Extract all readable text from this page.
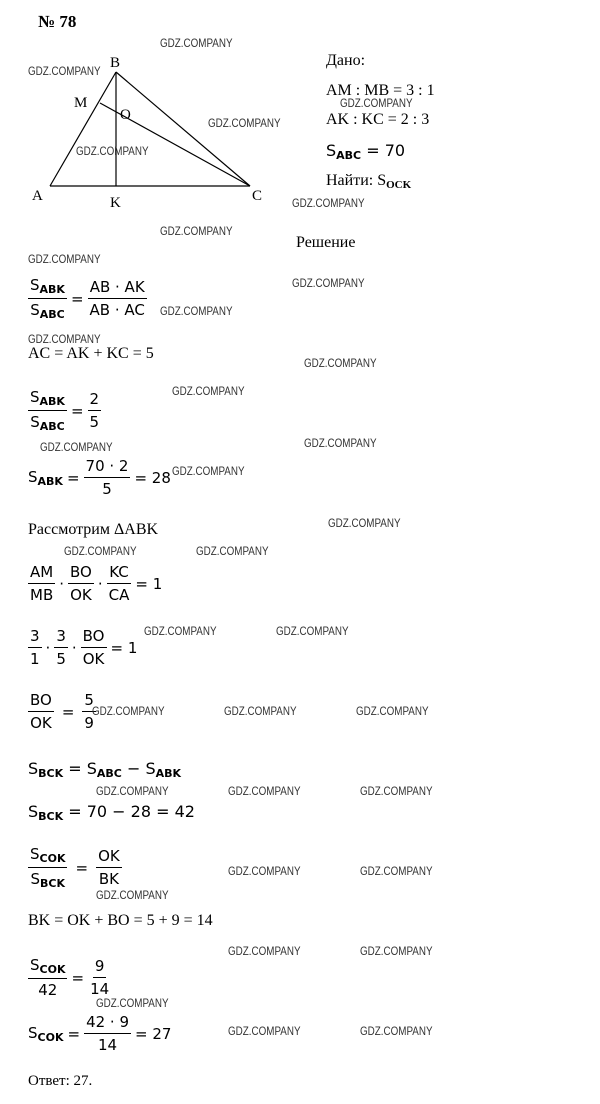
№ 78
B
M
O
A	K	C
Дано:
AM : MB = 3 : 1
AK : KC = 2 : 3
$S_{ABC} = 70$
Найти: $S_{OCK}$
Решение
$\frac{S_{ABK}}{S_{ABC}} = \frac{AB \cdot AK}{AB \cdot AC}$
AC = AK + KC = 5
$\frac{S_{ABK}}{S_{ABC}} = \frac{2}{5}$
$S_{ABK} = \frac{70 \cdot 2}{5} = 28$
Рассмотрим ΔABK
$\frac{AM}{MB} \cdot \frac{BO}{OK} \cdot \frac{KC}{CA} = 1$
$\frac{3}{1} \cdot \frac{3}{5} \cdot \frac{BO}{OK} = 1$
$\frac{BO}{OK} = \frac{5}{9}$
$S_{BCK} = S_{ABC} - S_{ABK}$
$S_{BCK} = 70 - 28 = 42$
$\frac{S_{COK}}{S_{BCK}} = \frac{OK}{BK}$
BK = OK + BO = 5 + 9 = 14
$\frac{S_{COK}}{42} = \frac{9}{14}$
$S_{COK} = \frac{42 \cdot 9}{14} = 27$
Ответ: 27.
GDZ.COMPANY
GDZ.COMPANY
GDZ.COMPANY
GDZ.COMPANY
GDZ.COMPANY
GDZ.COMPANY
GDZ.COMPANY
GDZ.COMPANY
GDZ.COMPANY
GDZ.COMPANY
GDZ.COMPANY
GDZ.COMPANY
GDZ.COMPANY
GDZ.COMPANY	GDZ.COMPANY
GDZ.COMPANY
GDZ.COMPANY
GDZ.COMPANY	GDZ.COMPANY
GDZ.COMPANY	GDZ.COMPANY
GDZ.COMPANY	GDZ.COMPANY	GDZ.COMPANY
GDZ.COMPANY	GDZ.COMPANY	GDZ.COMPANY
GDZ.COMPANY	GDZ.COMPANY
GDZ.COMPANY
GDZ.COMPANY	GDZ.COMPANY
GDZ.COMPANY
GDZ.COMPANY	GDZ.COMPANY
